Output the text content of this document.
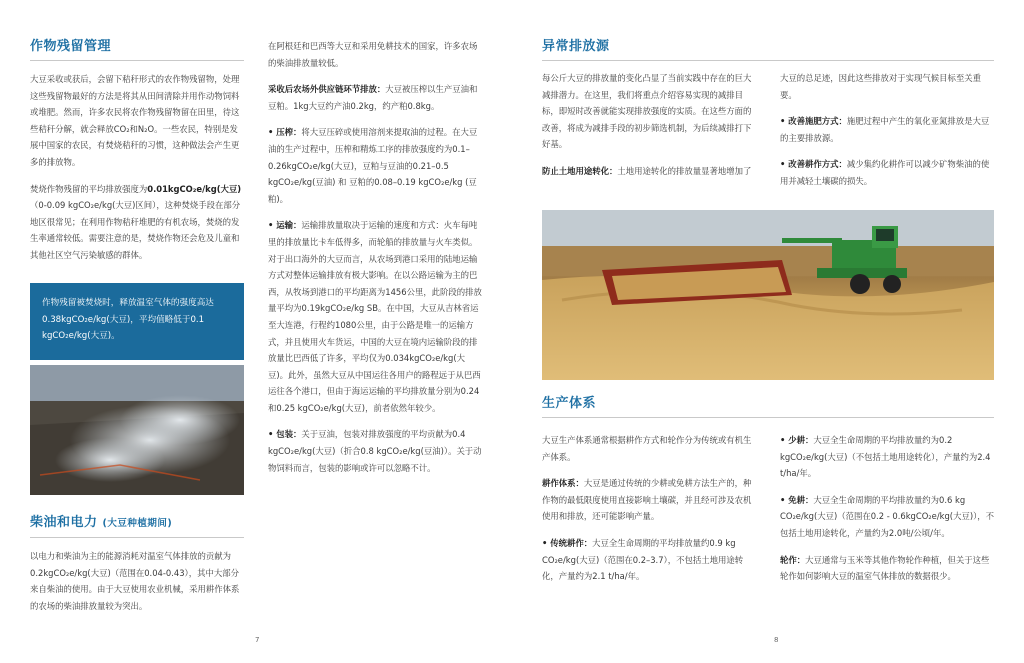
作物残留管理

大豆采收或获后，会留下秸秆形式的农作物残留物，处理这些残留物最好的方法是将其从田间清除并用作动物饲料或堆肥。然而，许多农民将农作物残留物留在田里，待这些秸秆分解，就会释放CO₂和N₂O。一些农民，特别是发展中国家的农民，有焚烧秸秆的习惯，这种做法会产生更多的排放物。

焚烧作物残留的平均排放强度为0.01kgCO₂e/kg(大豆)（0-0.09 kgCO₂e/kg(大豆)区间），这种焚烧手段在部分地区很常见；在利用作物秸秆堆肥的有机农场，焚烧的发生率通常较低。需要注意的是，焚烧作物还会危及儿童和其他社区空气污染敏感的群体。

作物残留被焚烧时，释放温室气体的强度高达0.38kgCO₂e/kg(大豆)，平均值略低于0.1 kgCO₂e/kg(大豆)。
柴油和电力 (大豆种植期间)

以电力和柴油为主的能源消耗对温室气体排放的贡献为0.2kgCO₂e/kg(大豆)（范围在0.04-0.43），其中大部分来自柴油的使用。由于大豆使用农业机械，采用耕作体系的农场的柴油排放量较为突出。

在阿根廷和巴西等大豆和采用免耕技术的国家，许多农场的柴油排放量较低。

采收后农场外供应链环节排放：大豆被压榨以生产豆油和豆粕。1kg大豆约产油0.2kg，约产粕0.8kg。

• 压榨：将大豆压碎或使用溶剂来提取油的过程。在大豆油的生产过程中，压榨和精炼工序的排放强度约为0.1–0.26kgCO₂e/kg(大豆)，豆粕与豆油的0.21–0.5 kgCO₂e/kg(豆油) 和 豆粕的0.08–0.19 kgCO₂e/kg (豆粕)。

• 运输：运输排放量取决于运输的速度和方式：火车每吨里的排放量比卡车低得多，而轮船的排放量与火车类似。对于出口海外的大豆而言，从农场到港口采用的陆地运输方式对整体运输排放有极大影响。在以公路运输为主的巴西，从牧场到港口的平均距离为1456公里，此阶段的排放量平均为0.19kgCO₂e/kg SB。在中国，大豆从吉林省运至大连港，行程约1080公里，由于公路是唯一的运输方式，并且使用火车货运，中国的大豆在境内运输阶段的排放量比巴西低了许多，平均仅为0.034kgCO₂e/kg(大豆)。此外，虽然大豆从中国运往各用户的路程远于从巴西运往各个港口，但由于海运运输的平均排放量分别为0.24和0.25 kgCO₂e/kg(大豆)，前者依然年较少。

• 包装：关于豆油，包装对排放强度的平均贡献为0.4 kgCO₂e/kg(大豆)（折合0.8 kgCO₂e/kg(豆油)）。关于动物饲料而言，包装的影响或许可以忽略不计。

7
异常排放源

每公斤大豆的排放量的变化凸显了当前实践中存在的巨大减排潜力。在这里，我们将重点介绍容易实现的减排目标，即短时改善就能实现排放强度的实质。在这些方面的改善，将成为减排手段的初步筛选机制，为后续减排打下好基。

防止土地用途转化：土地用途转化的排放量显著地增加了

大豆的总足迹，因此这些排放对于实现气候目标至关重要。

• 改善施肥方式：施肥过程中产生的氧化亚氮排放是大豆的主要排放源。

• 改善耕作方式：减少集约化耕作可以减少矿物柴油的使用并减轻土壤碳的损失。

生产体系

大豆生产体系通常根据耕作方式和轮作分为传统或有机生产体系。

耕作体系：大豆是通过传统的少耕或免耕方法生产的，种作物的最低限度使用直接影响土壤碳，并且经可涉及农机使用和排放，还可能影响产量。

• 传统耕作：大豆全生命周期的平均排放量约0.9 kg CO₂e/kg(大豆)（范围在0.2–3.7），不包括土地用途转化，产量约为2.1 t/ha/年。

• 少耕：大豆全生命周期的平均排放量约为0.2 kgCO₂e/kg(大豆)（不包括土地用途转化），产量约为2.4 t/ha/年。

• 免耕：大豆全生命周期的平均排放量约为0.6 kg CO₂e/kg(大豆)（范围在0.2 - 0.6kgCO₂e/kg(大豆)），不包括土地用途转化，产量约为2.0吨/公顷/年。

轮作：大豆通常与玉米等其他作物轮作种植，但关于这些轮作如何影响大豆的温室气体排放的数据很少。

8
